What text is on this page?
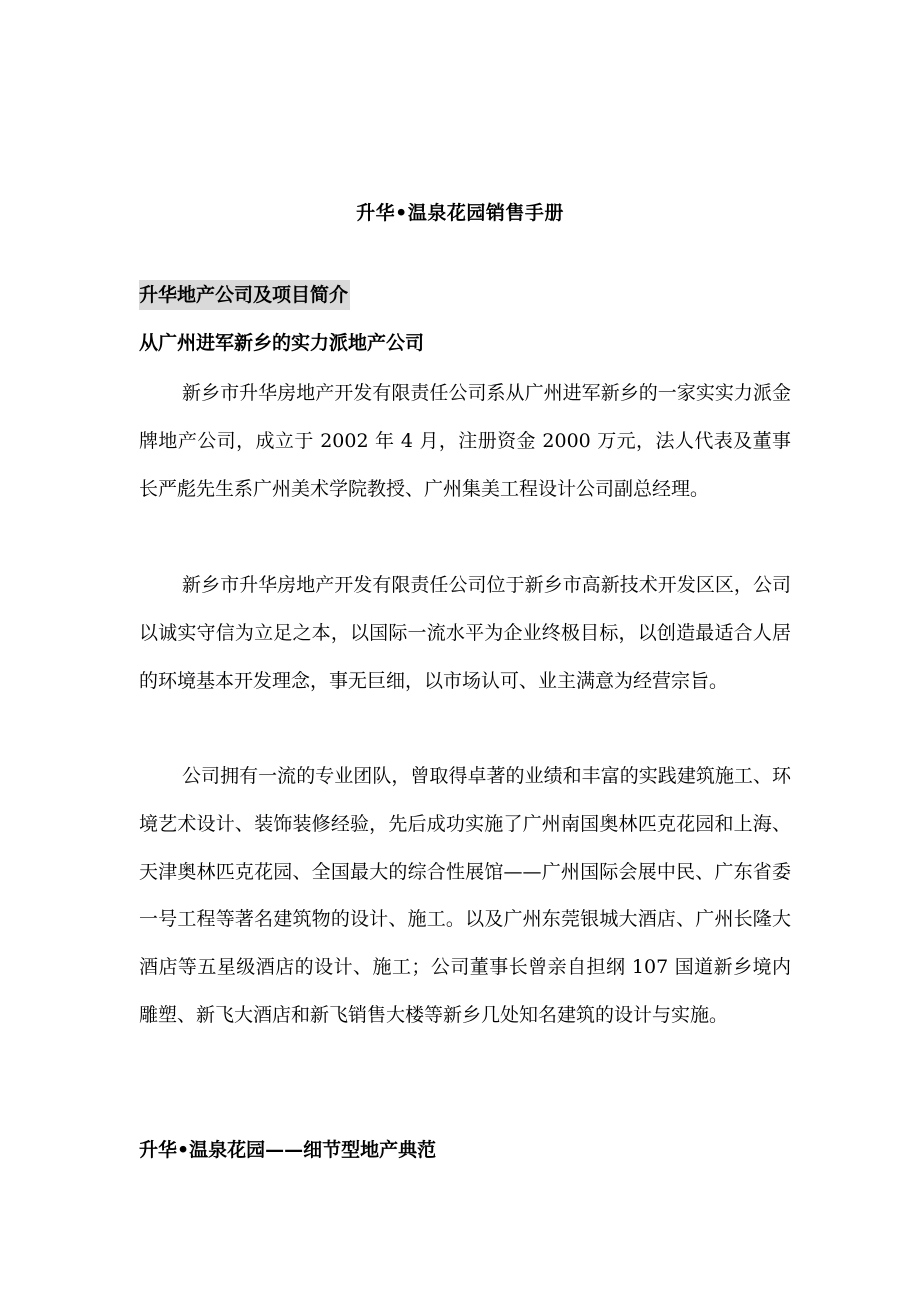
升华•温泉花园销售手册
升华地产公司及项目简介
从广州进军新乡的实力派地产公司

新乡市升华房地产开发有限责任公司系从广州进军新乡的一家实实力派金牌地产公司，成立于 2002 年 4 月，注册资金 2000 万元，法人代表及董事长严彪先生系广州美术学院教授、广州集美工程设计公司副总经理。

新乡市升华房地产开发有限责任公司位于新乡市高新技术开发区区，公司以诚实守信为立足之本，以国际一流水平为企业终极目标，以创造最适合人居的环境基本开发理念，事无巨细，以市场认可、业主满意为经营宗旨。

公司拥有一流的专业团队，曾取得卓著的业绩和丰富的实践建筑施工、环境艺术设计、装饰装修经验，先后成功实施了广州南国奥林匹克花园和上海、天津奥林匹克花园、全国最大的综合性展馆——广州国际会展中民、广东省委一号工程等著名建筑物的设计、施工。以及广州东莞银城大酒店、广州长隆大酒店等五星级酒店的设计、施工；公司董事长曾亲自担纲 107 国道新乡境内雕塑、新飞大酒店和新飞销售大楼等新乡几处知名建筑的设计与实施。

升华•温泉花园——细节型地产典范
